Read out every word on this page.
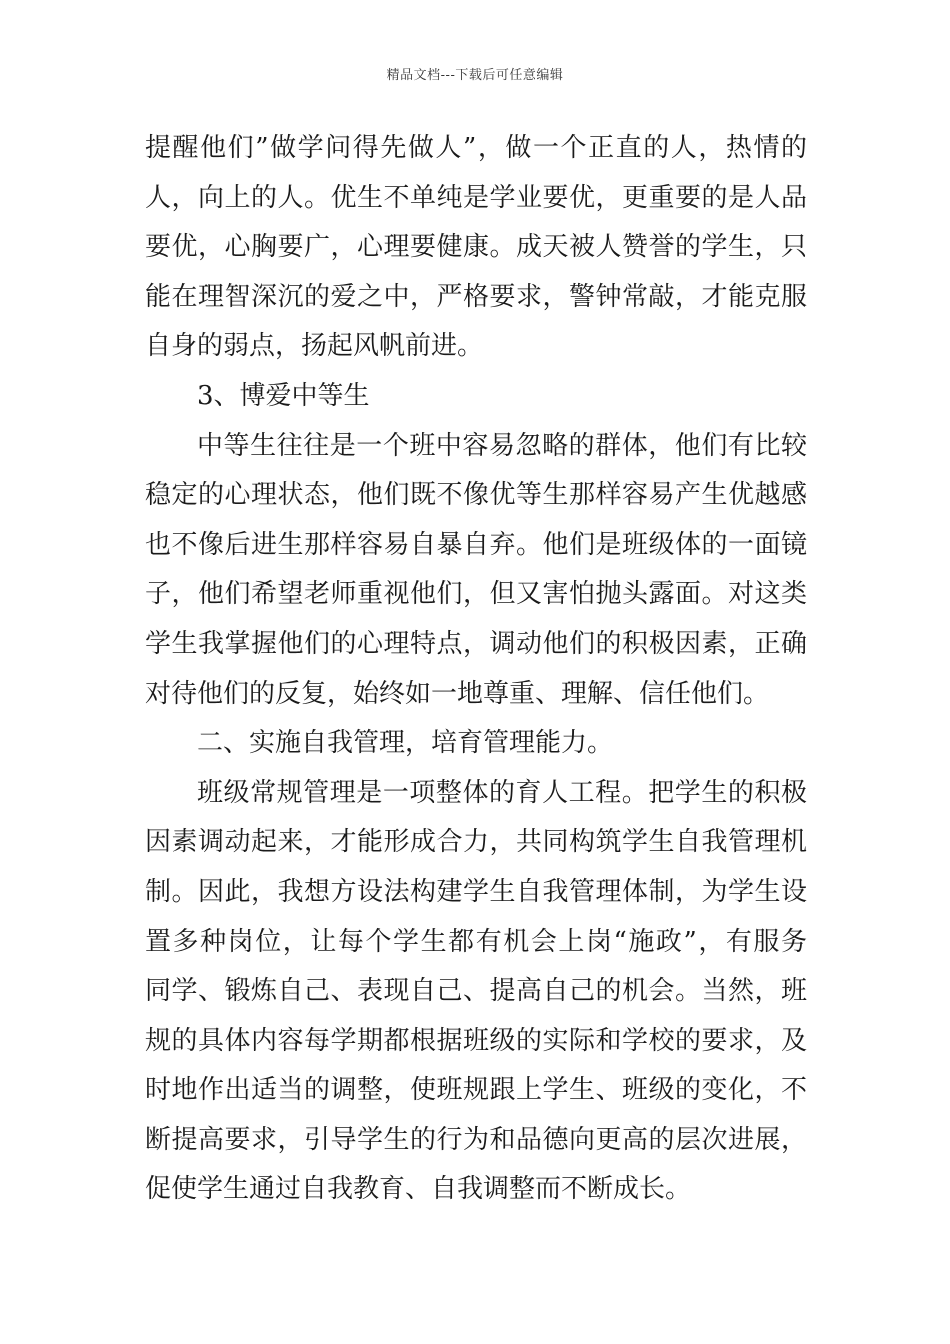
精品文档---下载后可任意编辑
提醒他们”做学问得先做人”，做一个正直的人，热情的
人，向上的人。优生不单纯是学业要优，更重要的是人品
要优，心胸要广，心理要健康。成天被人赞誉的学生，只
能在理智深沉的爱之中，严格要求，警钟常敲，才能克服
自身的弱点，扬起风帆前进。
3、博爱中等生
中等生往往是一个班中容易忽略的群体，他们有比较
稳定的心理状态，他们既不像优等生那样容易产生优越感
也不像后进生那样容易自暴自弃。他们是班级体的一面镜
子，他们希望老师重视他们，但又害怕抛头露面。对这类
学生我掌握他们的心理特点，调动他们的积极因素，正确
对待他们的反复，始终如一地尊重、理解、信任他们。
二、实施自我管理，培育管理能力。
班级常规管理是一项整体的育人工程。把学生的积极
因素调动起来，才能形成合力，共同构筑学生自我管理机
制。因此，我想方设法构建学生自我管理体制，为学生设
置多种岗位，让每个学生都有机会上岗“施政”，有服务
同学、锻炼自己、表现自己、提高自己的机会。当然，班
规的具体内容每学期都根据班级的实际和学校的要求，及
时地作出适当的调整，使班规跟上学生、班级的变化，不
断提高要求，引导学生的行为和品德向更高的层次进展，
促使学生通过自我教育、自我调整而不断成长。
